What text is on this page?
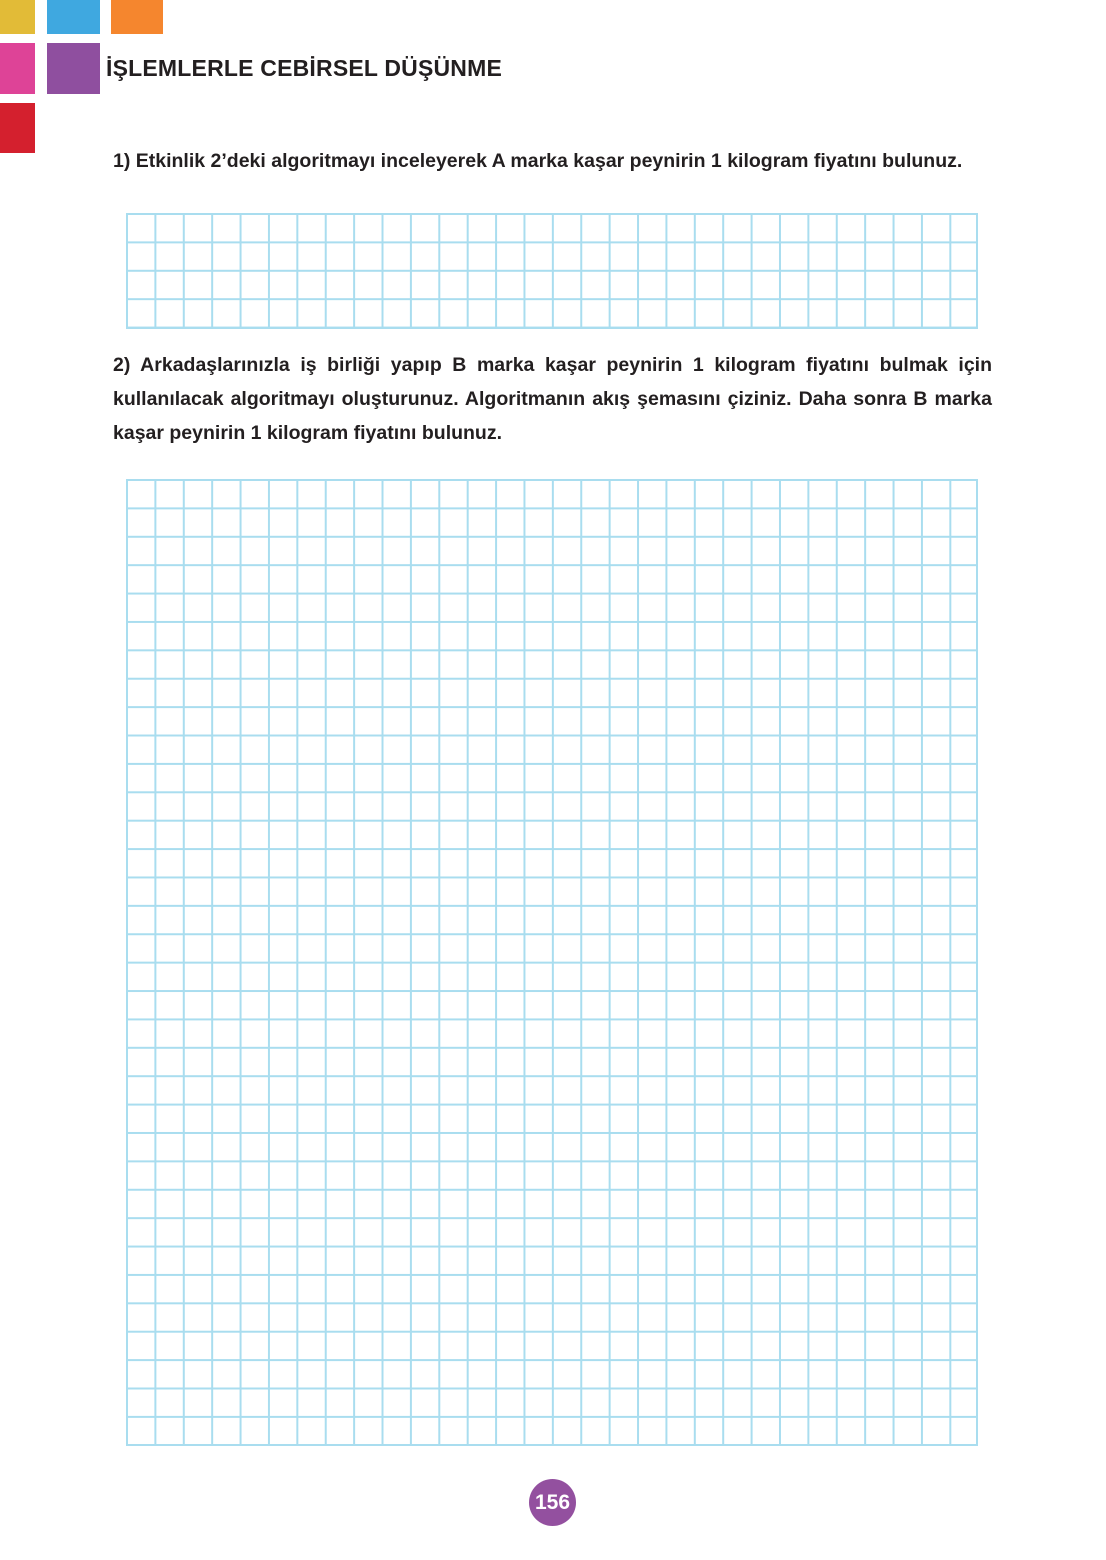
İŞLEMLERLE CEBİRSEL DÜŞÜNME

1) Etkinlik 2’deki algoritmayı inceleyerek A marka kaşar peynirin 1 kilogram fiyatını bulunuz.

2) Arkadaşlarınızla iş birliği yapıp B marka kaşar peynirin 1 kilogram fiyatını bulmak için kullanılacak algoritmayı oluşturunuz. Algoritmanın akış şemasını çiziniz. Daha sonra B marka kaşar peynirin 1 kilogram fiyatını bulunuz.

156
